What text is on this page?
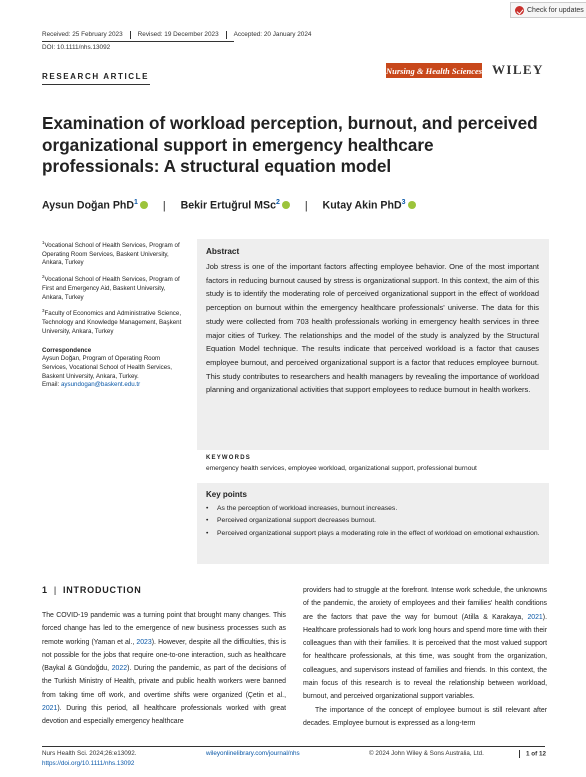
Check for updates
Received: 25 February 2023 Revised: 19 December 2023 Accepted: 20 January 2024
DOI: 10.1111/nhs.13092
RESEARCH ARTICLE
Nursing & Health Sciences WILEY
Examination of workload perception, burnout, and perceived organizational support in emergency healthcare professionals: A structural equation model
Aysun Doğan PhD$^1$ | Bekir Ertuğrul MSc$^2$ | Kutay Akin PhD$^3$

$^1$Vocational School of Health Services, Program of Operating Room Services, Baskent University, Ankara, Turkey

$^2$Vocational School of Health Services, Program of First and Emergency Aid, Baskent University, Ankara, Turkey

$^3$Faculty of Economics and Administrative Science, Technology and Knowledge Management, Başkent University, Ankara, Turkey

Correspondence

Aysun Doğan, Program of Operating Room Services, Vocational School of Health Services, Baskent University, Ankara, Turkey.
Email: aysundogan@baskent.edu.tr

Abstract
Job stress is one of the important factors affecting employee behavior. One of the most important factors in reducing burnout caused by stress is organizational support. In this context, the aim of this study is to identify the moderating role of perceived organizational support in the effect of workload perception on burnout within the emergency healthcare professionals' universe. The data for this study were collected from 703 health professionals working in emergency health services in three major cities of Turkey. The relationships and the model of the study is analyzed by the Structural Equation Model technique. The results indicate that perceived workload is a factor that causes employee burnout, and perceived organizational support is a factor that reduces employee burnout. This study contributes to researchers and health managers by revealing the importance of workload planning and organizational activities that support employees to reduce burnout in health workers.
KEYWORDS
emergency health services, employee workload, organizational support, professional burnout
Key points
• As the perception of workload increases, burnout increases.
• Perceived organizational support decreases burnout.
• Perceived organizational support plays a moderating role in the effect of workload on emotional exhaustion.
1 | INTRODUCTION

The COVID-19 pandemic was a turning point that brought many changes. This forced change has led to the emergence of new business processes such as remote working (Yaman et al., 2023). However, despite all the difficulties, this is not possible for the jobs that require one-to-one interaction, such as healthcare (Baykal & Gündoğdu, 2022). During the pandemic, as part of the decisions of the Turkish Ministry of Health, private and public health workers were banned from taking time off work, and overtime shifts were organized (Çetin et al., 2021). During this period, all healthcare professionals worked with great devotion and especially emergency healthcare

providers had to struggle at the forefront. Intense work schedule, the unknowns of the pandemic, the anxiety of employees and their families' health conditions are the factors that pave the way for burnout (Atilla & Karakaya, 2021). Healthcare professionals had to work long hours and spend more time with their colleagues than with their families. It is perceived that the most valued support for healthcare professionals, at this time, was sought from the organization, colleagues, and supervisors instead of families and friends. In this context, the main focus of this research is to reveal the relationship between workload, burnout, and perceived organizational support variables.

The importance of the concept of employee burnout is still relevant after decades. Employee burnout is expressed as a long-term

Nurs Health Sci. 2024;26:e13092.
https://doi.org/10.1111/nhs.13092
wileyonlinelibrary.com/journal/nhs	© 2024 John Wiley & Sons Australia, Ltd.	1 of 12
